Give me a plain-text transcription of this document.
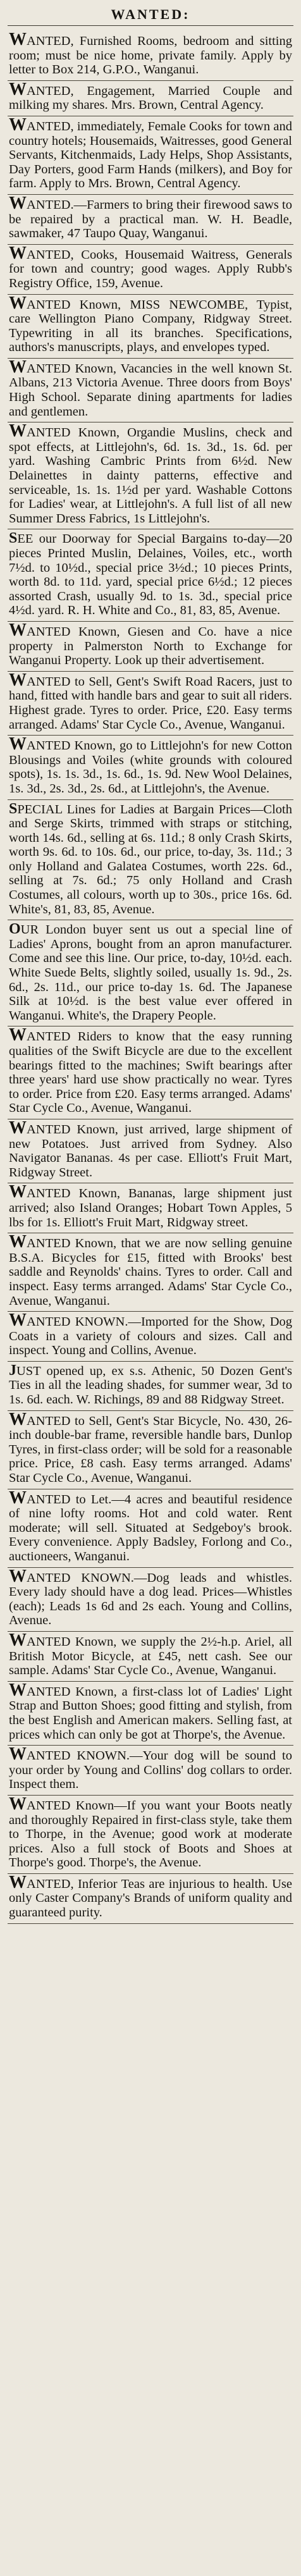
WANTED:
WANTED, Furnished Rooms, bedroom and sitting room; must be nice home, private family. Apply by letter to Box 214, G.P.O., Wanganui.
WANTED, Engagement, Married Couple and milking my shares. Mrs. Brown, Central Agency.
WANTED, immediately, Female Cooks for town and country hotels; Housemaids, Waitresses, good General Servants, Kitchenmaids, Lady Helps, Shop Assistants, Day Porters, good Farm Hands (milkers), and Boy for farm. Apply to Mrs. Brown, Central Agency.
WANTED.—Farmers to bring their firewood saws to be repaired by a practical man. W. H. Beadle, sawmaker, 47 Taupo Quay, Wanganui.
WANTED, Cooks, Housemaid Waitress, Generals for town and country; good wages. Apply Rubb's Registry Office, 159, Avenue.
WANTED Known, MISS NEWCOMBE, Typist, care Wellington Piano Company, Ridgway Street. Typewriting in all its branches. Specifications, authors's manuscripts, plays, and envelopes typed.
WANTED Known, Vacancies in the well known St. Albans, 213 Victoria Avenue. Three doors from Boys' High School. Separate dining apartments for ladies and gentlemen.
WANTED Known, Organdie Muslins, check and spot effects, at Littlejohn's, 6d. 1s. 3d., 1s. 6d. per yard. Washing Cambric Prints from 6½d. New Delainettes in dainty patterns, effective and serviceable, 1s. 1s. 1½d per yard. Washable Cottons for Ladies' wear, at Littlejohn's. A full list of all new Summer Dress Fabrics, 1s Littlejohn's.
SEE our Doorway for Special Bargains to-day—20 pieces Printed Muslin, Delaines, Voiles, etc., worth 7½d. to 10½d., special price 3½d.; 10 pieces Prints, worth 8d. to 11d. yard, special price 6½d.; 12 pieces assorted Crash, usually 9d. to 1s. 3d., special price 4½d. yard. R. H. White and Co., 81, 83, 85, Avenue.
WANTED Known, Giesen and Co. have a nice property in Palmerston North to Exchange for Wanganui Property. Look up their advertisement.
WANTED to Sell, Gent's Swift Road Racers, just to hand, fitted with handle bars and gear to suit all riders. Highest grade. Tyres to order. Price, £20. Easy terms arranged. Adams' Star Cycle Co., Avenue, Wanganui.
WANTED Known, go to Littlejohn's for new Cotton Blousings and Voiles (white grounds with coloured spots), 1s. 1s. 3d., 1s. 6d., 1s. 9d. New Wool Delaines, 1s. 3d., 2s. 3d., 2s. 6d., at Littlejohn's, the Avenue.
SPECIAL Lines for Ladies at Bargain Prices—Cloth and Serge Skirts, trimmed with straps or stitching, worth 14s. 6d., selling at 6s. 11d.; 8 only Crash Skirts, worth 9s. 6d. to 10s. 6d., our price, to-day, 3s. 11d.; 3 only Holland and Galatea Costumes, worth 22s. 6d., selling at 7s. 6d.; 75 only Holland and Crash Costumes, all colours, worth up to 30s., price 16s. 6d. White's, 81, 83, 85, Avenue.
OUR London buyer sent us out a special line of Ladies' Aprons, bought from an apron manufacturer. Come and see this line. Our price, to-day, 10½d. each. White Suede Belts, slightly soiled, usually 1s. 9d., 2s. 6d., 2s. 11d., our price to-day 1s. 6d. The Japanese Silk at 10½d. is the best value ever offered in Wanganui. White's, the Drapery People.
WANTED Riders to know that the easy running qualities of the Swift Bicycle are due to the excellent bearings fitted to the machines; Swift bearings after three years' hard use show practically no wear. Tyres to order. Price from £20. Easy terms arranged. Adams' Star Cycle Co., Avenue, Wanganui.
WANTED Known, just arrived, large shipment of new Potatoes. Just arrived from Sydney. Also Navigator Bananas. 4s per case. Elliott's Fruit Mart, Ridgway Street.
WANTED Known, Bananas, large shipment just arrived; also Island Oranges; Hobart Town Apples, 5 lbs for 1s. Elliott's Fruit Mart, Ridgway street.
WANTED Known, that we are now selling genuine B.S.A. Bicycles for £15, fitted with Brooks' best saddle and Reynolds' chains. Tyres to order. Call and inspect. Easy terms arranged. Adams' Star Cycle Co., Avenue, Wanganui.
WANTED KNOWN.—Imported for the Show, Dog Coats in a variety of colours and sizes. Call and inspect. Young and Collins, Avenue.
JUST opened up, ex s.s. Athenic, 50 Dozen Gent's Ties in all the leading shades, for summer wear, 3d to 1s. 6d. each. W. Richings, 89 and 88 Ridgway Street.
WANTED to Sell, Gent's Star Bicycle, No. 430, 26-inch double-bar frame, reversible handle bars, Dunlop Tyres, in first-class order; will be sold for a reasonable price. Price, £8 cash. Easy terms arranged. Adams' Star Cycle Co., Avenue, Wanganui.
WANTED to Let.—4 acres and beautiful residence of nine lofty rooms. Hot and cold water. Rent moderate; will sell. Situated at Sedgeboy's brook. Every convenience. Apply Badsley, Forlong and Co., auctioneers, Wanganui.
WANTED KNOWN.—Dog leads and whistles. Every lady should have a dog lead. Prices—Whistles (each); Leads 1s 6d and 2s each. Young and Collins, Avenue.
WANTED Known, we supply the 2½-h.p. Ariel, all British Motor Bicycle, at £45, nett cash. See our sample. Adams' Star Cycle Co., Avenue, Wanganui.
WANTED Known, a first-class lot of Ladies' Light Strap and Button Shoes; good fitting and stylish, from the best English and American makers. Selling fast, at prices which can only be got at Thorpe's, the Avenue.
WANTED KNOWN.—Your dog will be sound to your order by Young and Collins' dog collars to order. Inspect them.
WANTED Known—If you want your Boots neatly and thoroughly Repaired in first-class style, take them to Thorpe, in the Avenue; good work at moderate prices. Also a full stock of Boots and Shoes at Thorpe's good. Thorpe's, the Avenue.
WANTED, Inferior Teas are injurious to health. Use only Caster Company's Brands of uniform quality and guaranteed purity.
